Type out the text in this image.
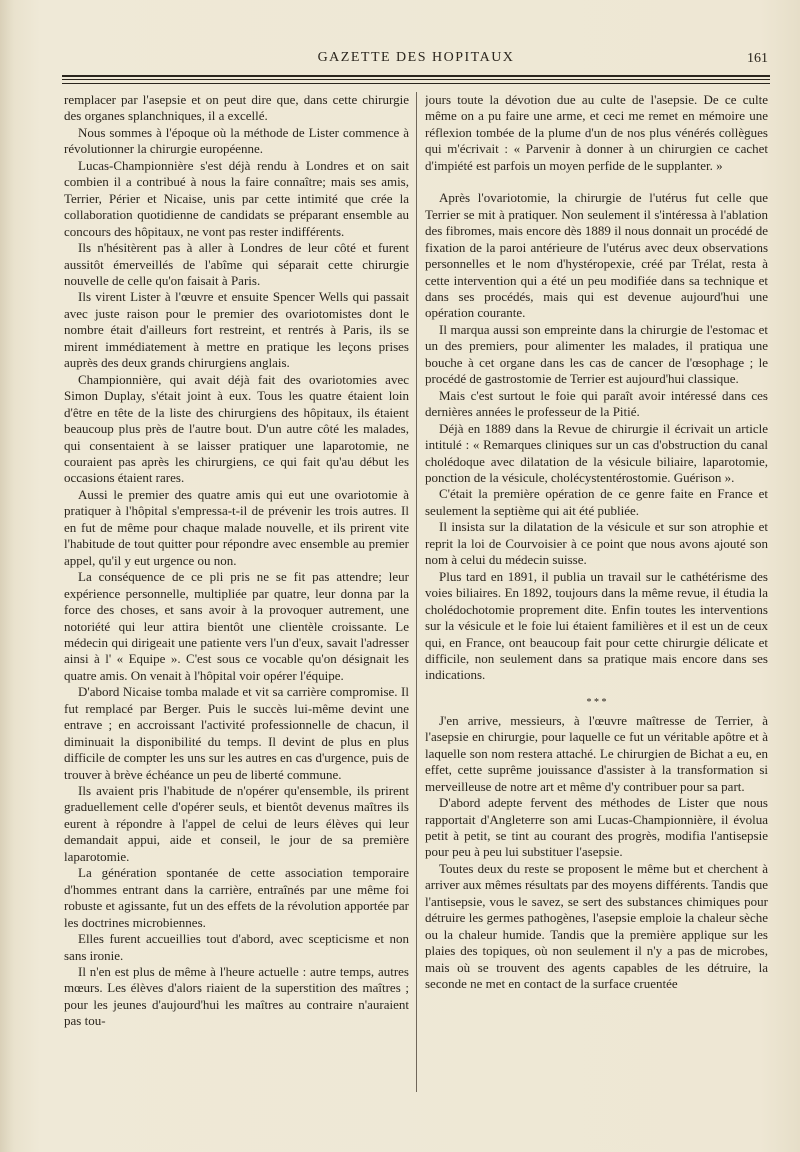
GAZETTE DES HOPITAUX	161

remplacer par l'asepsie et on peut dire que, dans cette chirurgie des organes splanchniques, il a excellé.

Nous sommes à l'époque où la méthode de Lister commence à révolutionner la chirurgie européenne.

Lucas-Championnière s'est déjà rendu à Londres et on sait combien il a contribué à nous la faire connaître; mais ses amis, Terrier, Périer et Nicaise, unis par cette intimité que crée la collaboration quotidienne de candidats se préparant ensemble au concours des hôpitaux, ne vont pas rester indifférents.

Ils n'hésitèrent pas à aller à Londres de leur côté et furent aussitôt émerveillés de l'abîme qui séparait cette chirurgie nouvelle de celle qu'on faisait à Paris.

Ils virent Lister à l'œuvre et ensuite Spencer Wells qui passait avec juste raison pour le premier des ovariotomistes dont le nombre était d'ailleurs fort restreint, et rentrés à Paris, ils se mirent immédiatement à mettre en pratique les leçons prises auprès des deux grands chirurgiens anglais.

Championnière, qui avait déjà fait des ovariotomies avec Simon Duplay, s'était joint à eux. Tous les quatre étaient loin d'être en tête de la liste des chirurgiens des hôpitaux, ils étaient beaucoup plus près de l'autre bout. D'un autre côté les malades, qui consentaient à se laisser pratiquer une laparotomie, ne couraient pas après les chirurgiens, ce qui fait qu'au début les occasions étaient rares.

Aussi le premier des quatre amis qui eut une ovariotomie à pratiquer à l'hôpital s'empressa-t-il de prévenir les trois autres. Il en fut de même pour chaque malade nouvelle, et ils prirent vite l'habitude de tout quitter pour répondre avec ensemble au premier appel, qu'il y eut urgence ou non.

La conséquence de ce pli pris ne se fit pas attendre; leur expérience personnelle, multipliée par quatre, leur donna par la force des choses, et sans avoir à la provoquer autrement, une notoriété qui leur attira bientôt une clientèle croissante. Le médecin qui dirigeait une patiente vers l'un d'eux, savait l'adresser ainsi à l' « Equipe ». C'est sous ce vocable qu'on désignait les quatre amis. On venait à l'hôpital voir opérer l'équipe.

D'abord Nicaise tomba malade et vit sa carrière compromise. Il fut remplacé par Berger. Puis le succès lui-même devint une entrave ; en accroissant l'activité professionnelle de chacun, il diminuait la disponibilité du temps. Il devint de plus en plus difficile de compter les uns sur les autres en cas d'urgence, puis de trouver à brève échéance un peu de liberté commune.

Ils avaient pris l'habitude de n'opérer qu'ensemble, ils prirent graduellement celle d'opérer seuls, et bientôt devenus maîtres ils eurent à répondre à l'appel de celui de leurs élèves qui leur demandait appui, aide et conseil, le jour de sa première laparotomie.

La génération spontanée de cette association temporaire d'hommes entrant dans la carrière, entraînés par une même foi robuste et agissante, fut un des effets de la révolution apportée par les doctrines microbiennes.

Elles furent accueillies tout d'abord, avec scepticisme et non sans ironie.

Il n'en est plus de même à l'heure actuelle : autre temps, autres mœurs. Les élèves d'alors riaient de la superstition des maîtres ; pour les jeunes d'aujourd'hui les maîtres au contraire n'auraient pas tou-

jours toute la dévotion due au culte de l'asepsie. De ce culte même on a pu faire une arme, et ceci me remet en mémoire une réflexion tombée de la plume d'un de nos plus vénérés collègues qui m'écrivait : « Parvenir à donner à un chirurgien ce cachet d'impiété est parfois un moyen perfide de le supplanter. »

Après l'ovariotomie, la chirurgie de l'utérus fut celle que Terrier se mit à pratiquer. Non seulement il s'intéressa à l'ablation des fibromes, mais encore dès 1889 il nous donnait un procédé de fixation de la paroi antérieure de l'utérus avec deux observations personnelles et le nom d'hystéropexie, créé par Trélat, resta à cette intervention qui a été un peu modifiée dans sa technique et dans ses procédés, mais qui est devenue aujourd'hui une opération courante.

Il marqua aussi son empreinte dans la chirurgie de l'estomac et un des premiers, pour alimenter les malades, il pratiqua une bouche à cet organe dans les cas de cancer de l'œsophage ; le procédé de gastrostomie de Terrier est aujourd'hui classique.

Mais c'est surtout le foie qui paraît avoir intéressé dans ces dernières années le professeur de la Pitié.

Déjà en 1889 dans la Revue de chirurgie il écrivait un article intitulé : « Remarques cliniques sur un cas d'obstruction du canal cholédoque avec dilatation de la vésicule biliaire, laparotomie, ponction de la vésicule, cholécystentérostomie. Guérison ».

C'était la première opération de ce genre faite en France et seulement la septième qui ait été publiée.

Il insista sur la dilatation de la vésicule et sur son atrophie et reprit la loi de Courvoisier à ce point que nous avons ajouté son nom à celui du médecin suisse.

Plus tard en 1891, il publia un travail sur le cathétérisme des voies biliaires. En 1892, toujours dans la même revue, il étudia la cholédochotomie proprement dite. Enfin toutes les interventions sur la vésicule et le foie lui étaient familières et il est un de ceux qui, en France, ont beaucoup fait pour cette chirurgie délicate et difficile, non seulement dans sa pratique mais encore dans ses indications.

* * *

J'en arrive, messieurs, à l'œuvre maîtresse de Terrier, à l'asepsie en chirurgie, pour laquelle ce fut un véritable apôtre et à laquelle son nom restera attaché. Le chirurgien de Bichat a eu, en effet, cette suprême jouissance d'assister à la transformation si merveilleuse de notre art et même d'y contribuer pour sa part.

D'abord adepte fervent des méthodes de Lister que nous rapportait d'Angleterre son ami Lucas-Championnière, il évolua petit à petit, se tint au courant des progrès, modifia l'antisepsie pour peu à peu lui substituer l'asepsie.

Toutes deux du reste se proposent le même but et cherchent à arriver aux mêmes résultats par des moyens différents. Tandis que l'antisepsie, vous le savez, se sert des substances chimiques pour détruire les germes pathogènes, l'asepsie emploie la chaleur sèche ou la chaleur humide. Tandis que la première applique sur les plaies des topiques, où non seulement il n'y a pas de microbes, mais où se trouvent des agents capables de les détruire, la seconde ne met en contact de la surface cruentée
